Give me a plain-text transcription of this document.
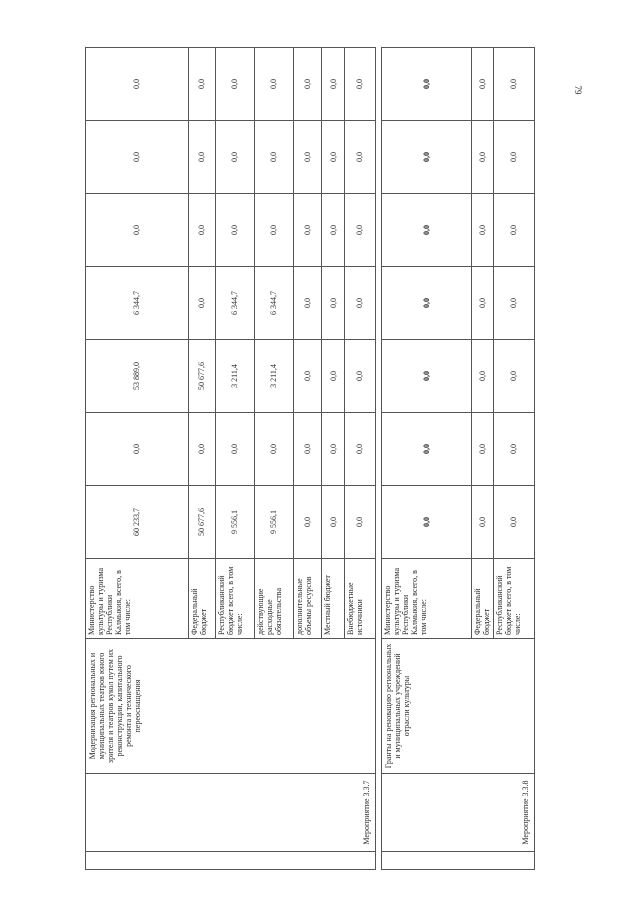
79

	Мероприятие 3.3.7	Модернизация региональных и муниципальных театров юного зрителя и театров кукол путем их реконструкции, капитального ремонта и технического переоснащения	Министерство культуры и туризма Республики Калмыкия, всего, в том числе:	60 233,7	0,0	53 889,0	6 344,7	0,0	0,0	0,0
			Федеральный бюджет	50 677,6	0,0	50 677,6	0,0	0,0	0,0	0,0
			Республиканский бюджет всего, в том числе:	9 556,1	0,0	3 211,4	6 344,7	0,0	0,0	0,0
			действующие расходные обязательства	9 556,1	0,0	3 211,4	6 344,7	0,0	0,0	0,0
			дополнительные объемы ресурсов	0,0	0,0	0,0	0,0	0,0	0,0	0,0
			Местный бюджет	0,0	0,0	0,0	0,0	0,0	0,0	0,0
			Внебюджетные источники	0,0	0,0	0,0	0,0	0,0	0,0	0,0

	Мероприятие 3.3.8	Гранты на реновацию региональных и муниципальных учреждений отрасли культуры	Министерство культуры и туризма Республики Калмыкия, всего, в том числе:	0,0	0,0	0,0	0,0	0,0	0,0	0,0
			Федеральный бюджет	0,0	0,0	0,0	0,0	0,0	0,0	0,0
			Республиканский бюджет всего, в том числе:	0,0	0,0	0,0	0,0	0,0	0,0	0,0
